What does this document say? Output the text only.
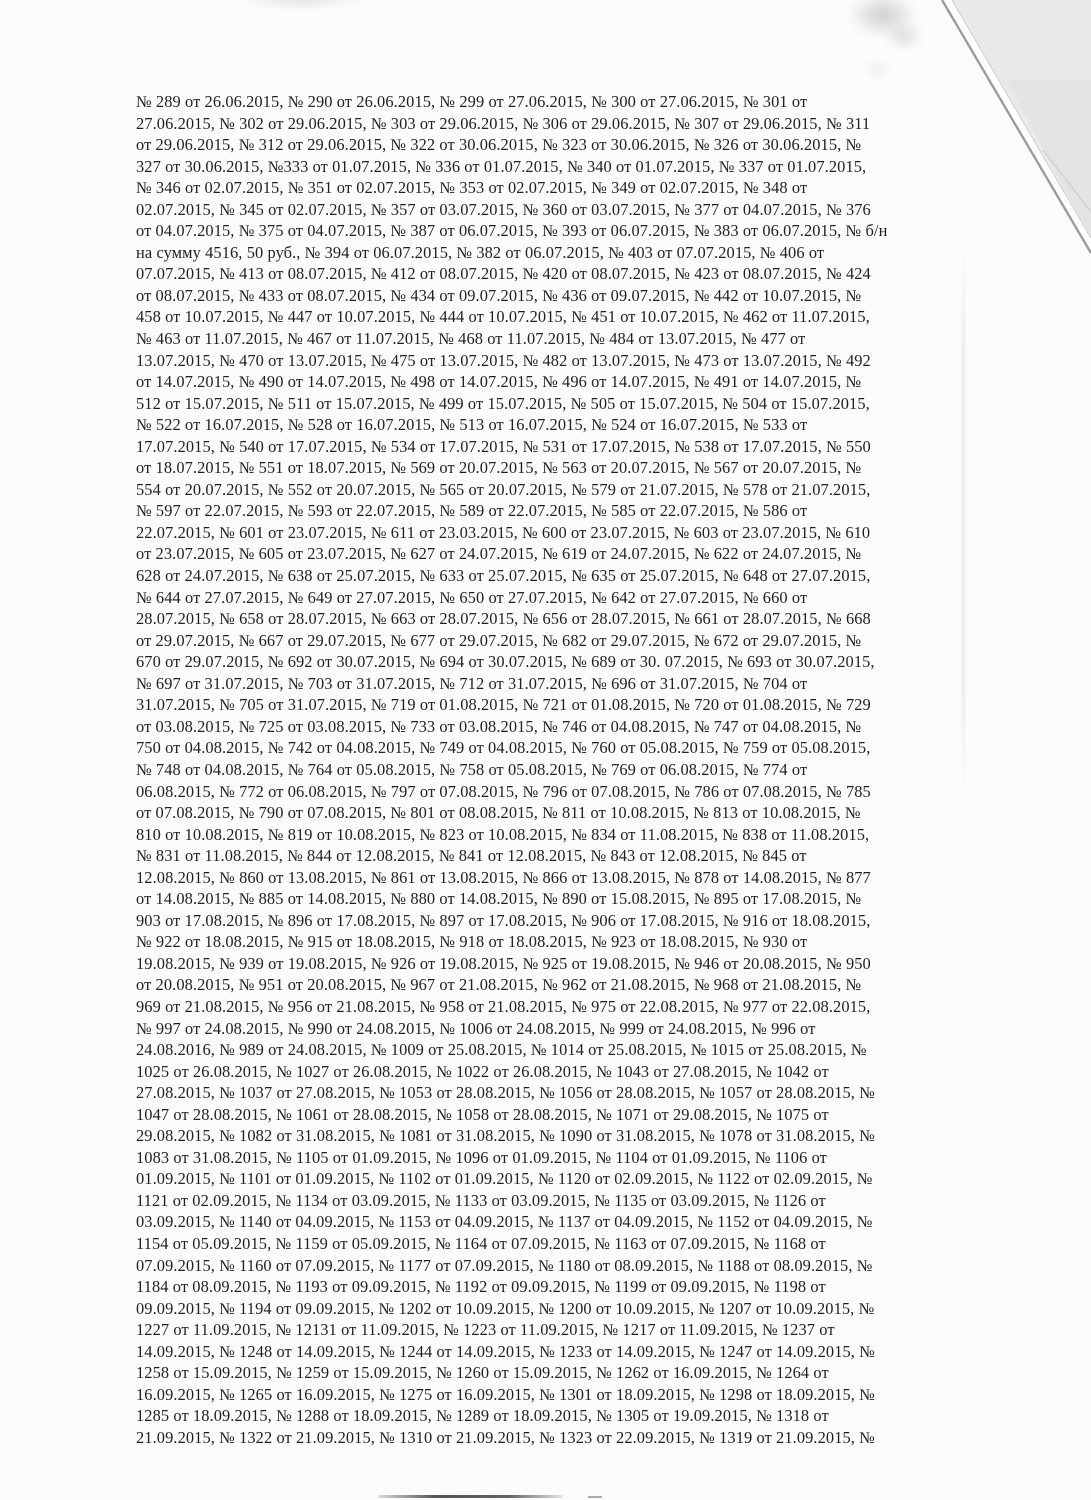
№ 289 от 26.06.2015, № 290 от 26.06.2015, № 299 от 27.06.2015, № 300 от 27.06.2015, № 301 от
27.06.2015, № 302 от 29.06.2015, № 303 от 29.06.2015, № 306 от 29.06.2015, № 307 от 29.06.2015, № 311
от 29.06.2015, № 312 от 29.06.2015, № 322 от 30.06.2015, № 323 от 30.06.2015, № 326 от 30.06.2015, №
327 от 30.06.2015, №333 от 01.07.2015, № 336 от 01.07.2015, № 340 от 01.07.2015, № 337 от 01.07.2015,
№ 346 от 02.07.2015, № 351 от 02.07.2015, № 353 от 02.07.2015, № 349 от 02.07.2015, № 348 от
02.07.2015, № 345 от 02.07.2015, № 357 от 03.07.2015, № 360 от 03.07.2015, № 377 от 04.07.2015, № 376
от 04.07.2015, № 375 от 04.07.2015, № 387 от 06.07.2015, № 393 от 06.07.2015, № 383 от 06.07.2015, № б/н
на сумму 4516, 50 руб., № 394 от 06.07.2015, № 382 от 06.07.2015, № 403 от 07.07.2015, № 406 от
07.07.2015, № 413 от 08.07.2015, № 412 от 08.07.2015, № 420 от 08.07.2015, № 423 от 08.07.2015, № 424
от 08.07.2015, № 433 от 08.07.2015, № 434 от 09.07.2015, № 436 от 09.07.2015, № 442 от 10.07.2015, №
458 от 10.07.2015, № 447 от 10.07.2015, № 444 от 10.07.2015, № 451 от 10.07.2015, № 462 от 11.07.2015,
№ 463 от 11.07.2015, № 467 от 11.07.2015, № 468 от 11.07.2015, № 484 от 13.07.2015, № 477 от
13.07.2015, № 470 от 13.07.2015, № 475 от 13.07.2015, № 482 от 13.07.2015, № 473 от 13.07.2015, № 492
от 14.07.2015, № 490 от 14.07.2015, № 498 от 14.07.2015, № 496 от 14.07.2015, № 491 от 14.07.2015, №
512 от 15.07.2015, № 511 от 15.07.2015, № 499 от 15.07.2015, № 505 от 15.07.2015, № 504 от 15.07.2015,
№ 522 от 16.07.2015, № 528 от 16.07.2015, № 513 от 16.07.2015, № 524 от 16.07.2015, № 533 от
17.07.2015, № 540 от 17.07.2015, № 534 от 17.07.2015, № 531 от 17.07.2015, № 538 от 17.07.2015, № 550
от 18.07.2015, № 551 от 18.07.2015, № 569 от 20.07.2015, № 563 от 20.07.2015, № 567 от 20.07.2015, №
554 от 20.07.2015, № 552 от 20.07.2015, № 565 от 20.07.2015, № 579 от 21.07.2015, № 578 от 21.07.2015,
№ 597 от 22.07.2015, № 593 от 22.07.2015, № 589 от 22.07.2015, № 585 от 22.07.2015, № 586 от
22.07.2015, № 601 от 23.07.2015, № 611 от 23.03.2015, № 600 от 23.07.2015, № 603 от 23.07.2015, № 610
от 23.07.2015, № 605 от 23.07.2015, № 627 от 24.07.2015, № 619 от 24.07.2015, № 622 от 24.07.2015, №
628 от 24.07.2015, № 638 от 25.07.2015, № 633 от 25.07.2015, № 635 от 25.07.2015, № 648 от 27.07.2015,
№ 644 от 27.07.2015, № 649 от 27.07.2015, № 650 от 27.07.2015, № 642 от 27.07.2015, № 660 от
28.07.2015, № 658 от 28.07.2015, № 663 от 28.07.2015, № 656 от 28.07.2015, № 661 от 28.07.2015, № 668
от 29.07.2015, № 667 от 29.07.2015, № 677 от 29.07.2015, № 682 от 29.07.2015, № 672 от 29.07.2015, №
670 от 29.07.2015, № 692 от 30.07.2015, № 694 от 30.07.2015, № 689 от 30. 07.2015, № 693 от 30.07.2015,
№ 697 от 31.07.2015, № 703 от 31.07.2015, № 712 от 31.07.2015, № 696 от 31.07.2015, № 704 от
31.07.2015, № 705 от 31.07.2015, № 719 от 01.08.2015, № 721 от 01.08.2015, № 720 от 01.08.2015, № 729
от 03.08.2015, № 725 от 03.08.2015, № 733 от 03.08.2015, № 746 от 04.08.2015, № 747 от 04.08.2015, №
750 от 04.08.2015, № 742 от 04.08.2015, № 749 от 04.08.2015, № 760 от 05.08.2015, № 759 от 05.08.2015,
№ 748 от 04.08.2015, № 764 от 05.08.2015, № 758 от 05.08.2015, № 769 от 06.08.2015, № 774 от
06.08.2015, № 772 от 06.08.2015, № 797 от 07.08.2015, № 796 от 07.08.2015, № 786 от 07.08.2015, № 785
от 07.08.2015, № 790 от 07.08.2015, № 801 от 08.08.2015, № 811 от 10.08.2015, № 813 от 10.08.2015, №
810 от 10.08.2015, № 819 от 10.08.2015, № 823 от 10.08.2015, № 834 от 11.08.2015, № 838 от 11.08.2015,
№ 831 от 11.08.2015, № 844 от 12.08.2015, № 841 от 12.08.2015, № 843 от 12.08.2015, № 845 от
12.08.2015, № 860 от 13.08.2015, № 861 от 13.08.2015, № 866 от 13.08.2015, № 878 от 14.08.2015, № 877
от 14.08.2015, № 885 от 14.08.2015, № 880 от 14.08.2015, № 890 от 15.08.2015, № 895 от 17.08.2015, №
903 от 17.08.2015, № 896 от 17.08.2015, № 897 от 17.08.2015, № 906 от 17.08.2015, № 916 от 18.08.2015,
№ 922 от 18.08.2015, № 915 от 18.08.2015, № 918 от 18.08.2015, № 923 от 18.08.2015, № 930 от
19.08.2015, № 939 от 19.08.2015, № 926 от 19.08.2015, № 925 от 19.08.2015, № 946 от 20.08.2015, № 950
от 20.08.2015, № 951 от 20.08.2015, № 967 от 21.08.2015, № 962 от 21.08.2015, № 968 от 21.08.2015, №
969 от 21.08.2015, № 956 от 21.08.2015, № 958 от 21.08.2015, № 975 от 22.08.2015, № 977 от 22.08.2015,
№ 997 от 24.08.2015, № 990 от 24.08.2015, № 1006 от 24.08.2015, № 999 от 24.08.2015, № 996 от
24.08.2016, № 989 от 24.08.2015, № 1009 от 25.08.2015, № 1014 от 25.08.2015, № 1015 от 25.08.2015, №
1025 от 26.08.2015, № 1027 от 26.08.2015, № 1022 от 26.08.2015, № 1043 от 27.08.2015, № 1042 от
27.08.2015, № 1037 от 27.08.2015, № 1053 от 28.08.2015, № 1056 от 28.08.2015, № 1057 от 28.08.2015, №
1047 от 28.08.2015, № 1061 от 28.08.2015, № 1058 от 28.08.2015, № 1071 от 29.08.2015, № 1075 от
29.08.2015, № 1082 от 31.08.2015, № 1081 от 31.08.2015, № 1090 от 31.08.2015, № 1078 от 31.08.2015, №
1083 от 31.08.2015, № 1105 от 01.09.2015, № 1096 от 01.09.2015, № 1104 от 01.09.2015, № 1106 от
01.09.2015, № 1101 от 01.09.2015, № 1102 от 01.09.2015, № 1120 от 02.09.2015, № 1122 от 02.09.2015, №
1121 от 02.09.2015, № 1134 от 03.09.2015, № 1133 от 03.09.2015, № 1135 от 03.09.2015, № 1126 от
03.09.2015, № 1140 от 04.09.2015, № 1153 от 04.09.2015, № 1137 от 04.09.2015, № 1152 от 04.09.2015, №
1154 от 05.09.2015, № 1159 от 05.09.2015, № 1164 от 07.09.2015, № 1163 от 07.09.2015, № 1168 от
07.09.2015, № 1160 от 07.09.2015, № 1177 от 07.09.2015, № 1180 от 08.09.2015, № 1188 от 08.09.2015, №
1184 от 08.09.2015, № 1193 от 09.09.2015, № 1192 от 09.09.2015, № 1199 от 09.09.2015, № 1198 от
09.09.2015, № 1194 от 09.09.2015, № 1202 от 10.09.2015, № 1200 от 10.09.2015, № 1207 от 10.09.2015, №
1227 от 11.09.2015, № 12131 от 11.09.2015, № 1223 от 11.09.2015, № 1217 от 11.09.2015, № 1237 от
14.09.2015, № 1248 от 14.09.2015, № 1244 от 14.09.2015, № 1233 от 14.09.2015, № 1247 от 14.09.2015, №
1258 от 15.09.2015, № 1259 от 15.09.2015, № 1260 от 15.09.2015, № 1262 от 16.09.2015, № 1264 от
16.09.2015, № 1265 от 16.09.2015, № 1275 от 16.09.2015, № 1301 от 18.09.2015, № 1298 от 18.09.2015, №
1285 от 18.09.2015, № 1288 от 18.09.2015, № 1289 от 18.09.2015, № 1305 от 19.09.2015, № 1318 от
21.09.2015, № 1322 от 21.09.2015, № 1310 от 21.09.2015, № 1323 от 22.09.2015, № 1319 от 21.09.2015, №
